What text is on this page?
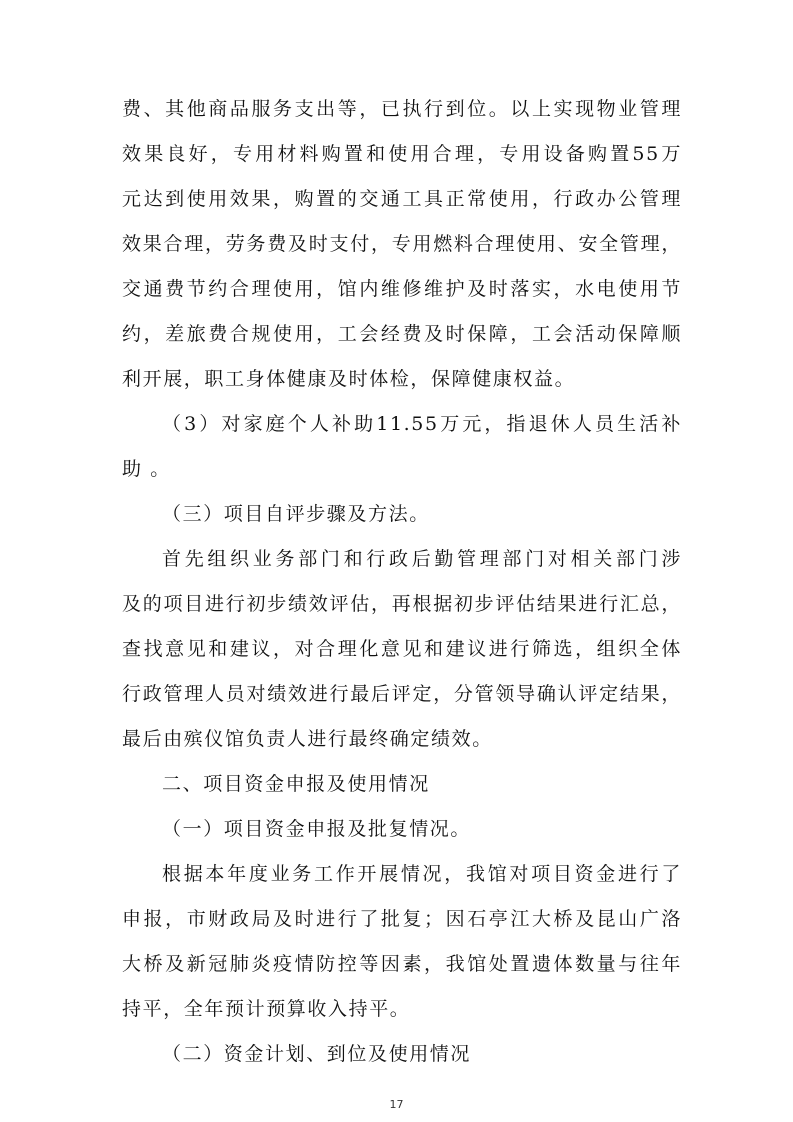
费、其他商品服务支出等，已执行到位。以上实现物业管理
效果良好，专用材料购置和使用合理，专用设备购置55万
元达到使用效果，购置的交通工具正常使用，行政办公管理
效果合理，劳务费及时支付，专用燃料合理使用、安全管理，
交通费节约合理使用，馆内维修维护及时落实，水电使用节
约，差旅费合规使用，工会经费及时保障，工会活动保障顺
利开展，职工身体健康及时体检，保障健康权益。
（3）对家庭个人补助11.55万元，指退休人员生活补
助 。
（三）项目自评步骤及方法。
首先组织业务部门和行政后勤管理部门对相关部门涉
及的项目进行初步绩效评估，再根据初步评估结果进行汇总，
查找意见和建议，对合理化意见和建议进行筛选，组织全体
行政管理人员对绩效进行最后评定，分管领导确认评定结果，
最后由殡仪馆负责人进行最终确定绩效。
二、项目资金申报及使用情况
（一）项目资金申报及批复情况。
根据本年度业务工作开展情况，我馆对项目资金进行了
申报，市财政局及时进行了批复；因石亭江大桥及昆山广洛
大桥及新冠肺炎疫情防控等因素，我馆处置遗体数量与往年
持平，全年预计预算收入持平。
（二）资金计划、到位及使用情况
17
